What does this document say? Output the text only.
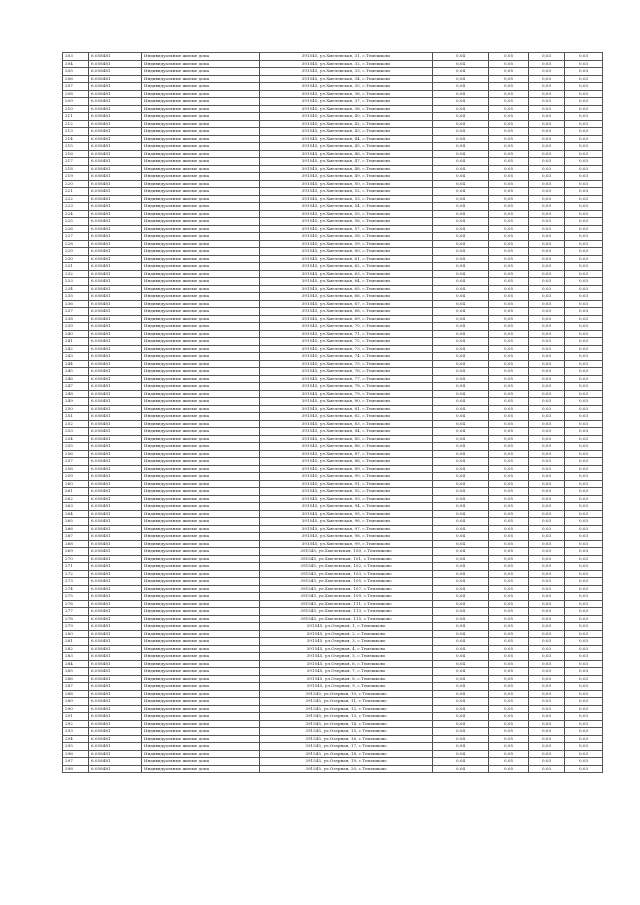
203	6.058481	Индивидуальные жилые дома	391545, ул.Хмелевская, 31, с.Темешково	0,04	0,05	0,03	0,03
204	6.058481	Индивидуальные жилые дома	391545, ул.Хмелевская, 32, с.Темешково	0,04	0,05	0,03	0,03
205	6.058481	Индивидуальные жилые дома	391545, ул.Хмелевская, 33, с.Темешково	0,04	0,05	0,03	0,03
206	6.058481	Индивидуальные жилые дома	391545, ул.Хмелевская, 34, с.Темешково	0,04	0,05	0,03	0,03
207	6.058481	Индивидуальные жилые дома	391545, ул.Хмелевская, 35, с.Темешково	0,04	0,05	0,03	0,03
208	6.058481	Индивидуальные жилые дома	391545, ул.Хмелевская, 36, с.Темешково	0,04	0,05	0,03	0,03
209	6.058481	Индивидуальные жилые дома	391545, ул.Хмелевская, 37, с.Темешково	0,04	0,05	0,03	0,03
210	6.058481	Индивидуальные жилые дома	391545, ул.Хмелевская, 38, с.Темешково	0,04	0,05	0,03	0,03
211	6.058481	Индивидуальные жилые дома	391545, ул.Хмелевская, 40, с.Темешково	0,04	0,05	0,03	0,03
212	6.058481	Индивидуальные жилые дома	391545, ул.Хмелевская, 42, с.Темешково	0,04	0,05	0,03	0,03
213	6.058481	Индивидуальные жилые дома	391545, ул.Хмелевская, 43, с.Темешково	0,04	0,05	0,03	0,03
214	6.058481	Индивидуальные жилые дома	391545, ул.Хмелевская, 44, с.Темешково	0,04	0,05	0,03	0,03
215	6.058481	Индивидуальные жилые дома	391545, ул.Хмелевская, 45, с.Темешково	0,04	0,05	0,03	0,03
216	6.058481	Индивидуальные жилые дома	391545, ул.Хмелевская, 46, с.Темешково	0,04	0,05	0,03	0,03
217	6.058481	Индивидуальные жилые дома	391545, ул.Хмелевская, 47, с.Темешково	0,04	0,05	0,03	0,03
218	6.058481	Индивидуальные жилые дома	391545, ул.Хмелевская, 48, с.Темешково	0,04	0,05	0,03	0,03
219	6.058481	Индивидуальные жилые дома	391545, ул.Хмелевская, 49, с.Темешково	0,04	0,05	0,03	0,03
220	6.058481	Индивидуальные жилые дома	391545, ул.Хмелевская, 50, с.Темешково	0,04	0,05	0,03	0,03
221	6.058481	Индивидуальные жилые дома	391545, ул.Хмелевская, 52, с.Темешково	0,04	0,05	0,03	0,03
222	6.058481	Индивидуальные жилые дома	391545, ул.Хмелевская, 53, с.Темешково	0,04	0,05	0,03	0,03
223	6.058481	Индивидуальные жилые дома	391545, ул.Хмелевская, 54, с.Темешково	0,04	0,05	0,03	0,03
224	6.058481	Индивидуальные жилые дома	391545, ул.Хмелевская, 55, с.Темешково	0,04	0,05	0,03	0,03
225	6.058481	Индивидуальные жилые дома	391545, ул.Хмелевская, 56, с.Темешково	0,04	0,05	0,03	0,03
226	6.058481	Индивидуальные жилые дома	391545, ул.Хмелевская, 57, с.Темешково	0,04	0,05	0,03	0,03
227	6.058481	Индивидуальные жилые дома	391545, ул.Хмелевская, 58, с.Темешково	0,04	0,05	0,03	0,03
228	6.058481	Индивидуальные жилые дома	391545, ул.Хмелевская, 59, с.Темешково	0,04	0,05	0,03	0,03
229	6.058481	Индивидуальные жилые дома	391545, ул.Хмелевская, 60, с.Темешково	0,04	0,05	0,03	0,03
230	6.058481	Индивидуальные жилые дома	391545, ул.Хмелевская, 61, с.Темешково	0,04	0,05	0,03	0,03
231	6.058481	Индивидуальные жилые дома	391545, ул.Хмелевская, 62, с.Темешково	0,04	0,05	0,03	0,03
232	6.058481	Индивидуальные жилые дома	391545, ул.Хмелевская, 63, с.Темешково	0,04	0,05	0,03	0,03
233	6.058481	Индивидуальные жилые дома	391545, ул.Хмелевская, 64, с.Темешково	0,04	0,05	0,03	0,03
234	6.058481	Индивидуальные жилые дома	391545, ул.Хмелевская, 65, с.Темешково	0,04	0,05	0,03	0,03
235	6.058481	Индивидуальные жилые дома	391545, ул.Хмелевская, 66, с.Темешково	0,04	0,05	0,03	0,03
236	6.058481	Индивидуальные жилые дома	391545, ул.Хмелевская, 67, с.Темешково	0,04	0,05	0,03	0,03
237	6.058481	Индивидуальные жилые дома	391545, ул.Хмелевская, 68, с.Темешково	0,04	0,05	0,03	0,03
238	6.058481	Индивидуальные жилые дома	391545, ул.Хмелевская, 69, с.Темешково	0,04	0,05	0,03	0,03
239	6.058481	Индивидуальные жилые дома	391545, ул.Хмелевская, 70, с.Темешково	0,04	0,05	0,03	0,03
240	6.058481	Индивидуальные жилые дома	391545, ул.Хмелевская, 71, с.Темешково	0,04	0,05	0,03	0,03
241	6.058481	Индивидуальные жилые дома	391545, ул.Хмелевская, 72, с.Темешково	0,04	0,05	0,03	0,03
242	6.058481	Индивидуальные жилые дома	391545, ул.Хмелевская, 73, с.Темешково	0,04	0,05	0,03	0,03
243	6.058481	Индивидуальные жилые дома	391545, ул.Хмелевская, 74, с.Темешково	0,04	0,05	0,03	0,03
244	6.058481	Индивидуальные жилые дома	391545, ул.Хмелевская, 75, с.Темешково	0,04	0,05	0,03	0,03
245	6.058481	Индивидуальные жилые дома	391545, ул.Хмелевская, 76, с.Темешково	0,04	0,05	0,03	0,03
246	6.058481	Индивидуальные жилые дома	391545, ул.Хмелевская, 77, с.Темешково	0,04	0,05	0,03	0,03
247	6.058481	Индивидуальные жилые дома	391545, ул.Хмелевская, 78, с.Темешково	0,04	0,05	0,03	0,03
248	6.058481	Индивидуальные жилые дома	391545, ул.Хмелевская, 79, с.Темешково	0,04	0,05	0,03	0,03
249	6.058481	Индивидуальные жилые дома	391545, ул.Хмелевская, 80, с.Темешково	0,04	0,05	0,03	0,03
250	6.058481	Индивидуальные жилые дома	391545, ул.Хмелевская, 81, с.Темешково	0,04	0,05	0,03	0,03
251	6.058481	Индивидуальные жилые дома	391545, ул.Хмелевская, 82, с.Темешково	0,04	0,05	0,03	0,03
252	6.058481	Индивидуальные жилые дома	391545, ул.Хмелевская, 83, с.Темешково	0,04	0,05	0,03	0,03
253	6.058481	Индивидуальные жилые дома	391545, ул.Хмелевская, 84, с.Темешково	0,04	0,05	0,03	0,03
254	6.058481	Индивидуальные жилые дома	391545, ул.Хмелевская, 85, с.Темешково	0,04	0,05	0,03	0,03
255	6.058481	Индивидуальные жилые дома	391545, ул.Хмелевская, 86, с.Темешково	0,04	0,05	0,03	0,03
256	6.058481	Индивидуальные жилые дома	391545, ул.Хмелевская, 87, с.Темешково	0,04	0,05	0,03	0,03
257	6.058481	Индивидуальные жилые дома	391545, ул.Хмелевская, 88, с.Темешково	0,04	0,05	0,03	0,03
258	6.058481	Индивидуальные жилые дома	391545, ул.Хмелевская, 89, с.Темешково	0,04	0,05	0,03	0,03
259	6.058481	Индивидуальные жилые дома	391545, ул.Хмелевская, 90, с.Темешково	0,04	0,05	0,03	0,03
260	6.058481	Индивидуальные жилые дома	391545, ул.Хмелевская, 91, с.Темешково	0,04	0,05	0,03	0,03
261	6.058481	Индивидуальные жилые дома	391545, ул.Хмелевская, 92, с.Темешково	0,04	0,05	0,03	0,03
262	6.058481	Индивидуальные жилые дома	391545, ул.Хмелевская, 93, с.Темешково	0,04	0,05	0,03	0,03
263	6.058481	Индивидуальные жилые дома	391545, ул.Хмелевская, 94, с.Темешково	0,04	0,05	0,03	0,03
264	6.058481	Индивидуальные жилые дома	391545, ул.Хмелевская, 95, с.Темешково	0,04	0,05	0,03	0,03
265	6.058481	Индивидуальные жилые дома	391545, ул.Хмелевская, 96, с.Темешково	0,04	0,05	0,03	0,03
266	6.058481	Индивидуальные жилые дома	391545, ул.Хмелевская, 97, с.Темешково	0,04	0,05	0,03	0,03
267	6.058481	Индивидуальные жилые дома	391545, ул.Хмелевская, 98, с.Темешково	0,04	0,05	0,03	0,03
268	6.058481	Индивидуальные жилые дома	391545, ул.Хмелевская, 99, с.Темешково	0,04	0,05	0,03	0,03
269	6.058481	Индивидуальные жилые дома	391545, ул.Хмелевская, 100, с.Темешково	0,04	0,05	0,03	0,03
270	6.058481	Индивидуальные жилые дома	391545, ул.Хмелевская, 101, с.Темешково	0,04	0,05	0,03	0,03
271	6.058481	Индивидуальные жилые дома	391545, ул.Хмелевская, 102, с.Темешково	0,04	0,05	0,03	0,03
272	6.058481	Индивидуальные жилые дома	391545, ул.Хмелевская, 103, с.Темешково	0,04	0,05	0,03	0,03
273	6.058481	Индивидуальные жилые дома	391545, ул.Хмелевская, 105, с.Темешково	0,04	0,05	0,03	0,03
274	6.058481	Индивидуальные жилые дома	391545, ул.Хмелевская, 107, с.Темешково	0,04	0,05	0,03	0,03
275	6.058481	Индивидуальные жилые дома	391545, ул.Хмелевская, 109, с.Темешково	0,04	0,05	0,03	0,03
276	6.058481	Индивидуальные жилые дома	391545, ул.Хмелевская, 111, с.Темешково	0,04	0,05	0,03	0,03
277	6.058481	Индивидуальные жилые дома	391545, ул.Хмелевская, 113, с.Темешково	0,04	0,05	0,03	0,03
278	6.058481	Индивидуальные жилые дома	391545, ул.Хмелевская, 115, с.Темешково	0,04	0,05	0,03	0,03
279	6.058481	Индивидуальные жилые дома	391545, ул.Озерная, 1, с.Темешково	0,04	0,05	0,03	0,03
280	6.058481	Индивидуальные жилые дома	391545, ул.Озерная, 2, с.Темешково	0,04	0,05	0,03	0,03
281	6.058481	Индивидуальные жилые дома	391545, ул.Озерная, 3, с.Темешково	0,04	0,05	0,03	0,03
282	6.058481	Индивидуальные жилые дома	391545, ул.Озерная, 4, с.Темешково	0,04	0,05	0,03	0,03
283	6.058481	Индивидуальные жилые дома	391545, ул.Озерная, 5, с.Темешково	0,04	0,05	0,03	0,03
284	6.058481	Индивидуальные жилые дома	391545, ул.Озерная, 6, с.Темешково	0,04	0,05	0,03	0,03
285	6.058481	Индивидуальные жилые дома	391545, ул.Озерная, 7, с.Темешково	0,04	0,05	0,03	0,03
286	6.058481	Индивидуальные жилые дома	391545, ул.Озерная, 8, с.Темешково	0,04	0,05	0,03	0,03
287	6.058481	Индивидуальные жилые дома	391545, ул.Озерная, 9, с.Темешково	0,04	0,05	0,03	0,03
288	6.058481	Индивидуальные жилые дома	391545, ул.Озерная, 10, с.Темешково	0,04	0,05	0,03	0,03
289	6.058481	Индивидуальные жилые дома	391545, ул.Озерная, 11, с.Темешково	0,04	0,05	0,03	0,03
290	6.058481	Индивидуальные жилые дома	391545, ул.Озерная, 12, с.Темешково	0,04	0,05	0,03	0,03
291	6.058481	Индивидуальные жилые дома	391545, ул.Озерная, 13, с.Темешково	0,04	0,05	0,03	0,03
292	6.058481	Индивидуальные жилые дома	391545, ул.Озерная, 14, с.Темешково	0,04	0,05	0,03	0,03
293	6.058481	Индивидуальные жилые дома	391545, ул.Озерная, 15, с.Темешково	0,04	0,05	0,03	0,03
294	6.058481	Индивидуальные жилые дома	391545, ул.Озерная, 16, с.Темешково	0,04	0,05	0,03	0,03
295	6.058481	Индивидуальные жилые дома	391545, ул.Озерная, 17, с.Темешково	0,04	0,05	0,03	0,03
296	6.058481	Индивидуальные жилые дома	391545, ул.Озерная, 18, с.Темешково	0,04	0,05	0,03	0,03
297	6.058481	Индивидуальные жилые дома	391545, ул.Озерная, 19, с.Темешково	0,04	0,05	0,03	0,03
298	6.058481	Индивидуальные жилые дома	391545, ул.Озерная, 20, с.Темешково	0,04	0,05	0,03	0,03
